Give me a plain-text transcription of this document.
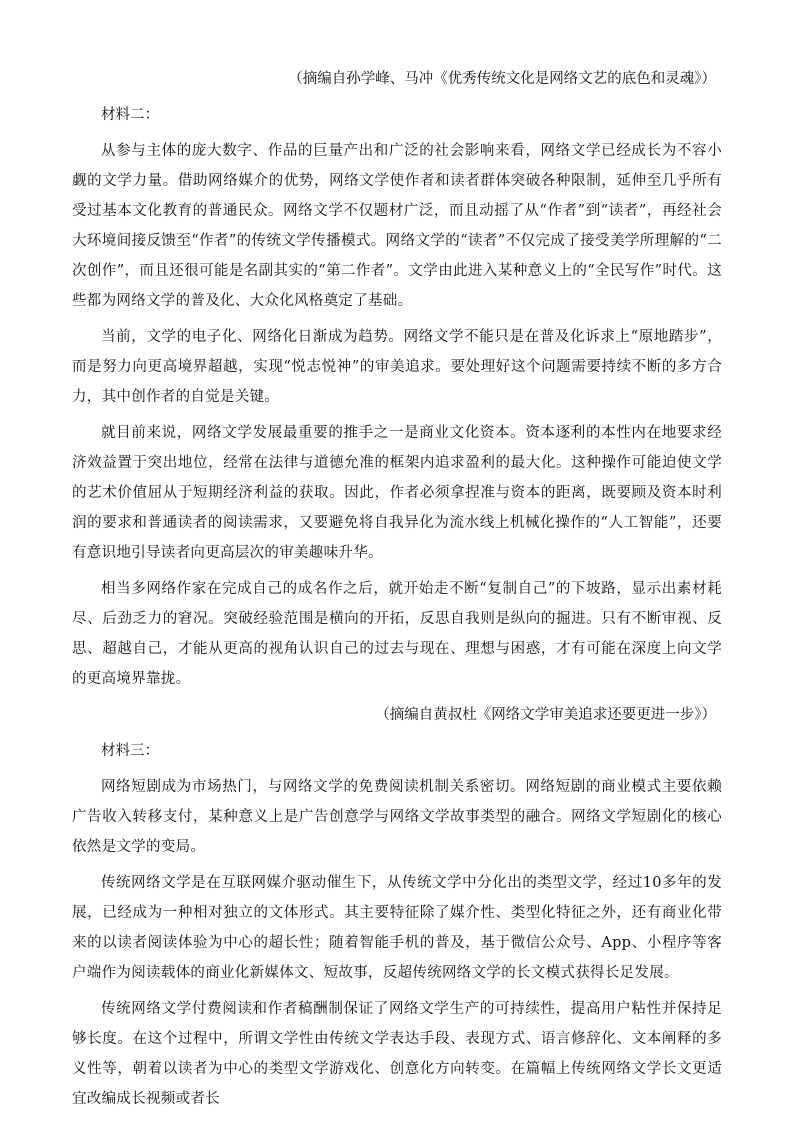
（摘编自孙学峰、马冲《优秀传统文化是网络文艺的底色和灵魂》）

材料二：

从参与主体的庞大数字、作品的巨量产出和广泛的社会影响来看，网络文学已经成长为不容小觑的文学力量。借助网络媒介的优势，网络文学使作者和读者群体突破各种限制，延伸至几乎所有受过基本文化教育的普通民众。网络文学不仅题材广泛，而且动摇了从“作者”到“读者”，再经社会大环境间接反馈至“作者”的传统文学传播模式。网络文学的“读者”不仅完成了接受美学所理解的“二次创作”，而且还很可能是名副其实的“第二作者”。文学由此进入某种意义上的“全民写作”时代。这些都为网络文学的普及化、大众化风格奠定了基础。

当前，文学的电子化、网络化日渐成为趋势。网络文学不能只是在普及化诉求上“原地踏步”，而是努力向更高境界超越，实现“悦志悦神”的审美追求。要处理好这个问题需要持续不断的多方合力，其中创作者的自觉是关键。

就目前来说，网络文学发展最重要的推手之一是商业文化资本。资本逐利的本性内在地要求经济效益置于突出地位，经常在法律与道德允准的框架内追求盈利的最大化。这种操作可能迫使文学的艺术价值屈从于短期经济利益的获取。因此，作者必须拿捏准与资本的距离，既要顾及资本时利润的要求和普通读者的阅读需求，又要避免将自我异化为流水线上机械化操作的“人工智能”，还要有意识地引导读者向更高层次的审美趣味升华。

相当多网络作家在完成自己的成名作之后，就开始走不断“复制自己”的下坡路，显示出素材耗尽、后劲乏力的窘况。突破经验范围是横向的开拓，反思自我则是纵向的掘进。只有不断审视、反思、超越自己，才能从更高的视角认识自己的过去与现在、理想与困惑，才有可能在深度上向文学的更高境界靠拢。

（摘编自黄叔杜《网络文学审美追求还要更进一步》）

材料三：

网络短剧成为市场热门，与网络文学的免费阅读机制关系密切。网络短剧的商业模式主要依赖广告收入转移支付，某种意义上是广告创意学与网络文学故事类型的融合。网络文学短剧化的核心依然是文学的变局。

传统网络文学是在互联网媒介驱动催生下，从传统文学中分化出的类型文学，经过10多年的发展，已经成为一种相对独立的文体形式。其主要特征除了媒介性、类型化特征之外，还有商业化带来的以读者阅读体验为中心的超长性；随着智能手机的普及，基于微信公众号、App、小程序等客户端作为阅读载体的商业化新媒体文、短故事，反超传统网络文学的长文模式获得长足发展。

传统网络文学付费阅读和作者稿酬制保证了网络文学生产的可持续性，提高用户粘性并保持足够长度。在这个过程中，所谓文学性由传统文学表达手段、表现方式、语言修辞化、文本阐释的多义性等，朝着以读者为中心的类型文学游戏化、创意化方向转变。在篇幅上传统网络文学长文更适宜改编成长视频或者长
